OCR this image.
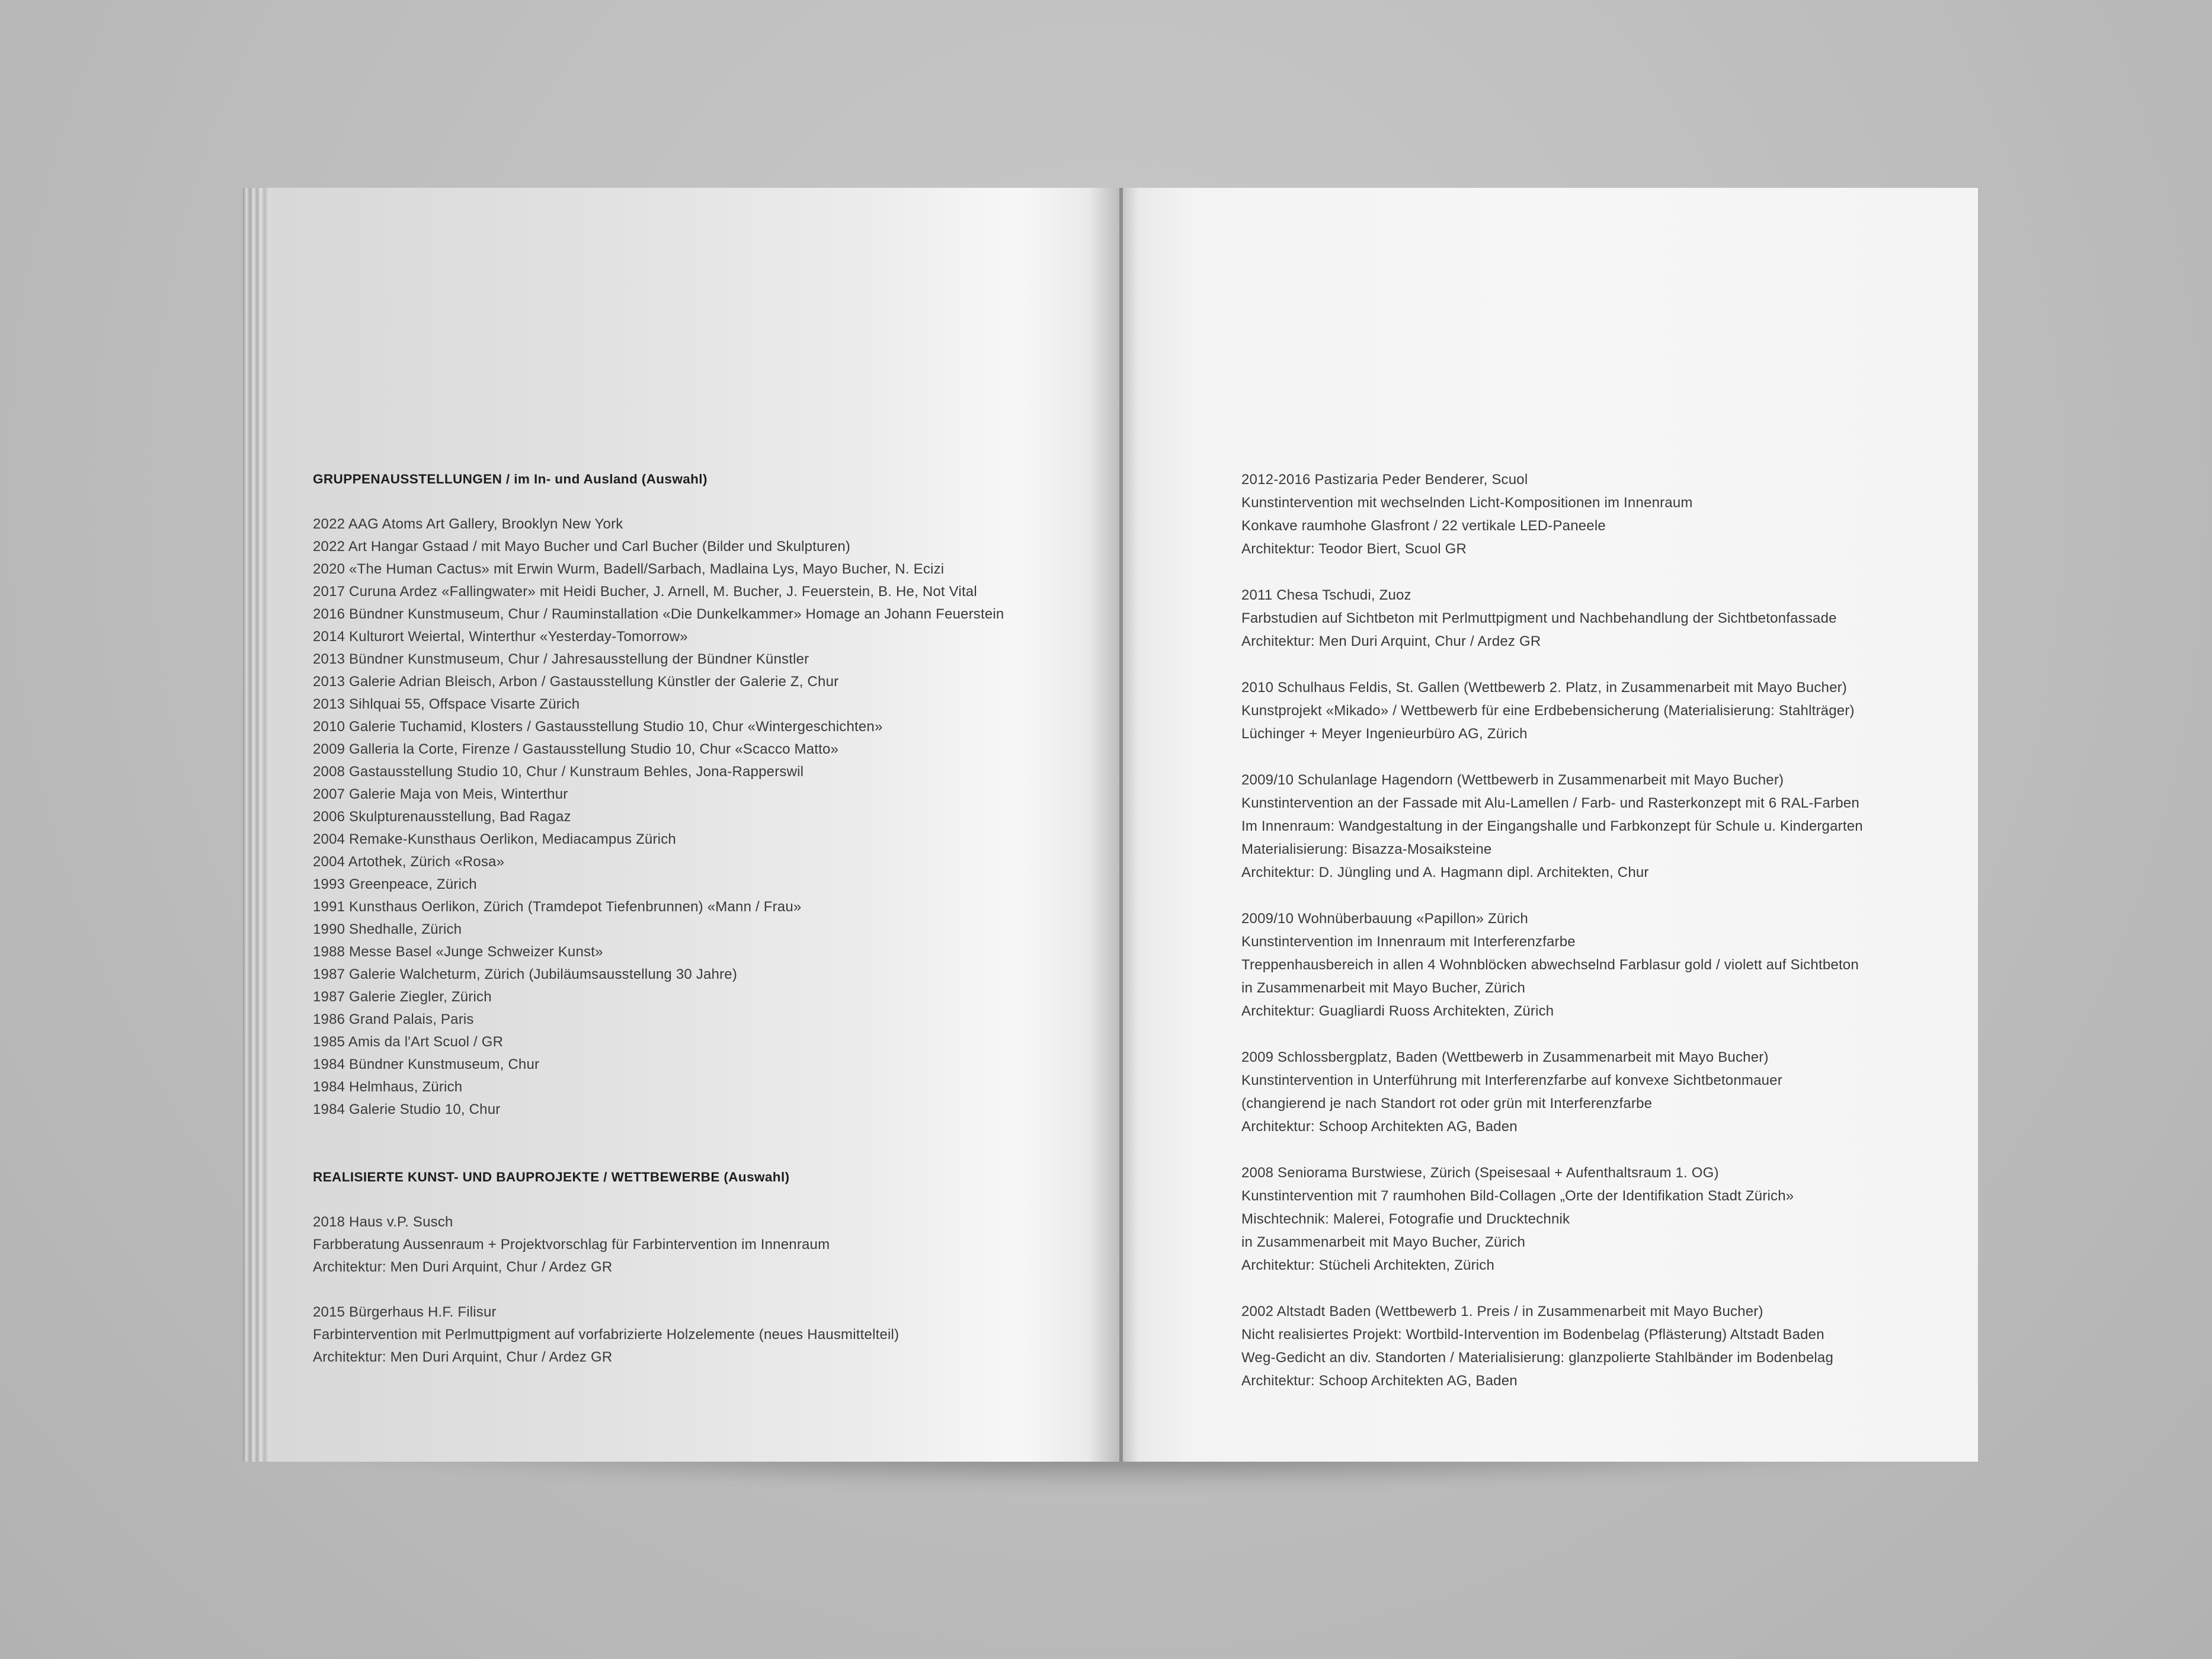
GRUPPENAUSSTELLUNGEN / im In- und Ausland (Auswahl)
2022 AAG Atoms Art Gallery, Brooklyn New York
2022 Art Hangar Gstaad / mit Mayo Bucher und Carl Bucher (Bilder und Skulpturen)
2020 «The Human Cactus» mit Erwin Wurm, Badell/Sarbach, Madlaina Lys, Mayo Bucher, N. Ecizi
2017 Curuna Ardez «Fallingwater» mit Heidi Bucher, J. Arnell, M. Bucher, J. Feuerstein, B. He, Not Vital
2016 Bündner Kunstmuseum, Chur / Rauminstallation «Die Dunkelkammer» Homage an Johann Feuerstein
2014 Kulturort Weiertal, Winterthur «Yesterday-Tomorrow»
2013 Bündner Kunstmuseum, Chur / Jahresausstellung der Bündner Künstler
2013 Galerie Adrian Bleisch, Arbon / Gastausstellung Künstler der Galerie Z, Chur
2013 Sihlquai 55, Offspace Visarte Zürich
2010 Galerie Tuchamid, Klosters / Gastausstellung Studio 10, Chur «Wintergeschichten»
2009 Galleria la Corte, Firenze / Gastausstellung Studio 10, Chur «Scacco Matto»
2008 Gastausstellung Studio 10, Chur / Kunstraum Behles, Jona-Rapperswil
2007 Galerie Maja von Meis, Winterthur
2006 Skulpturenausstellung, Bad Ragaz
2004 Remake-Kunsthaus Oerlikon, Mediacampus Zürich
2004 Artothek, Zürich «Rosa»
1993 Greenpeace, Zürich
1991 Kunsthaus Oerlikon, Zürich (Tramdepot Tiefenbrunnen) «Mann / Frau»
1990 Shedhalle, Zürich
1988 Messe Basel «Junge Schweizer Kunst»
1987 Galerie Walcheturm, Zürich (Jubiläumsausstellung 30 Jahre)
1987 Galerie Ziegler, Zürich
1986 Grand Palais, Paris
1985 Amis da l'Art Scuol / GR
1984 Bündner Kunstmuseum, Chur
1984 Helmhaus, Zürich
1984 Galerie Studio 10, Chur
REALISIERTE KUNST- UND BAUPROJEKTE / WETTBEWERBE (Auswahl)
2018 Haus v.P. Susch
Farbberatung Aussenraum + Projektvorschlag für Farbintervention im Innenraum
Architektur: Men Duri Arquint, Chur / Ardez GR
2015 Bürgerhaus H.F. Filisur
Farbintervention mit Perlmuttpigment auf vorfabrizierte Holzelemente (neues Hausmittelteil)
Architektur: Men Duri Arquint, Chur / Ardez GR
2012-2016 Pastizaria Peder Benderer, Scuol
Kunstintervention mit wechselnden Licht-Kompositionen im Innenraum
Konkave raumhohe Glasfront / 22 vertikale LED-Paneele
Architektur: Teodor Biert, Scuol GR
2011 Chesa Tschudi, Zuoz
Farbstudien auf Sichtbeton mit Perlmuttpigment und Nachbehandlung der Sichtbetonfassade
Architektur: Men Duri Arquint, Chur / Ardez GR
2010 Schulhaus Feldis, St. Gallen (Wettbewerb 2. Platz, in Zusammenarbeit mit Mayo Bucher)
Kunstprojekt «Mikado» / Wettbewerb für eine Erdbebensicherung (Materialisierung: Stahlträger)
Lüchinger + Meyer Ingenieurbüro AG, Zürich
2009/10 Schulanlage Hagendorn (Wettbewerb in Zusammenarbeit mit Mayo Bucher)
Kunstintervention an der Fassade mit Alu-Lamellen / Farb- und Rasterkonzept mit 6 RAL-Farben
Im Innenraum: Wandgestaltung in der Eingangshalle und Farbkonzept für Schule u. Kindergarten
Materialisierung: Bisazza-Mosaiksteine
Architektur: D. Jüngling und A. Hagmann dipl. Architekten, Chur
2009/10 Wohnüberbauung «Papillon» Zürich
Kunstintervention im Innenraum mit Interferenzfarbe
Treppenhausbereich in allen 4 Wohnblöcken abwechselnd Farblasur gold / violett auf Sichtbeton
in Zusammenarbeit mit Mayo Bucher, Zürich
Architektur: Guagliardi Ruoss Architekten, Zürich
2009 Schlossbergplatz, Baden (Wettbewerb in Zusammenarbeit mit Mayo Bucher)
Kunstintervention in Unterführung mit Interferenzfarbe auf konvexe Sichtbetonmauer
(changierend je nach Standort rot oder grün mit Interferenzfarbe
Architektur: Schoop Architekten AG, Baden
2008 Seniorama Burstwiese, Zürich (Speisesaal + Aufenthaltsraum 1. OG)
Kunstintervention mit 7 raumhohen Bild-Collagen „Orte der Identifikation Stadt Zürich»
Mischtechnik: Malerei, Fotografie und Drucktechnik
in Zusammenarbeit mit Mayo Bucher, Zürich
Architektur: Stücheli Architekten, Zürich
2002 Altstadt Baden (Wettbewerb 1. Preis / in Zusammenarbeit mit Mayo Bucher)
Nicht realisiertes Projekt: Wortbild-Intervention im Bodenbelag (Pflästerung) Altstadt Baden
Weg-Gedicht an div. Standorten / Materialisierung: glanzpolierte Stahlbänder im Bodenbelag
Architektur: Schoop Architekten AG, Baden
